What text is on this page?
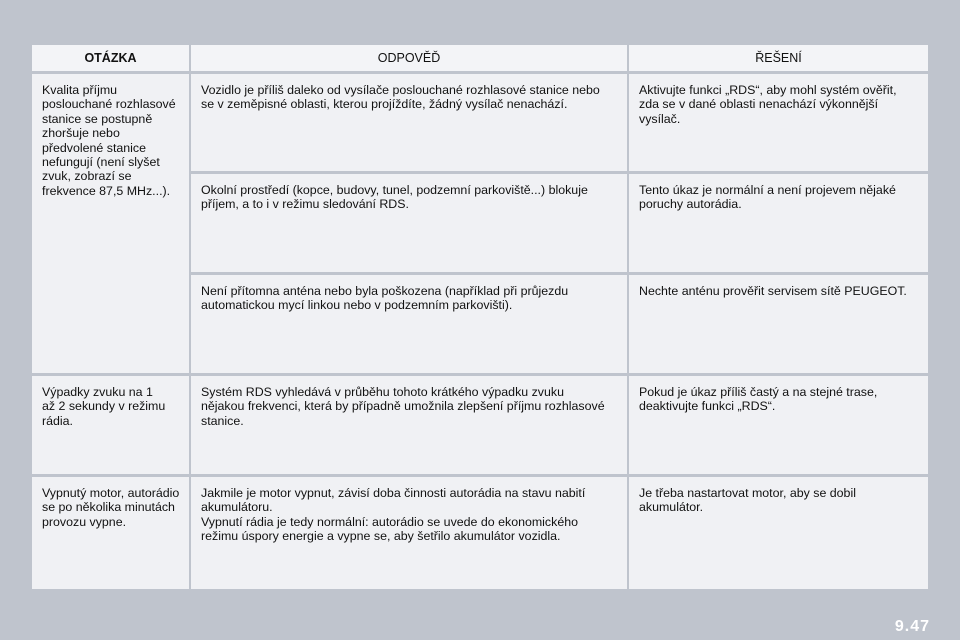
OTÁZKA	ODPOVĚĎ	ŘEŠENÍ
Kvalita příjmu
poslouchané rozhlasové
stanice se postupně
zhoršuje nebo
předvolené stanice
nefungují (není slyšet
zvuk, zobrazí se
frekvence 87,5 MHz...).
Vozidlo je příliš daleko od vysílače poslouchané rozhlasové stanice nebo
se v zeměpisné oblasti, kterou projíždíte, žádný vysílač nenachází.
Aktivujte funkci „RDS“, aby mohl systém ověřit,
zda se v dané oblasti nenachází výkonnější
vysílač.
Okolní prostředí (kopce, budovy, tunel, podzemní parkoviště...) blokuje
příjem, a to i v režimu sledování RDS.
Tento úkaz je normální a není projevem nějaké
poruchy autorádia.
Není přítomna anténa nebo byla poškozena (například při průjezdu
automatickou mycí linkou nebo v podzemním parkovišti).
Nechte anténu prověřit servisem sítě PEUGEOT.
Výpadky zvuku na 1
až 2 sekundy v režimu
rádia.
Systém RDS vyhledává v průběhu tohoto krátkého výpadku zvuku
nějakou frekvenci, která by případně umožnila zlepšení příjmu rozhlasové
stanice.
Pokud je úkaz příliš častý a na stejné trase,
deaktivujte funkci „RDS“.
Vypnutý motor, autorádio
se po několika minutách
provozu vypne.
Jakmile je motor vypnut, závisí doba činnosti autorádia na stavu nabití
akumulátoru.
Vypnutí rádia je tedy normální: autorádio se uvede do ekonomického
režimu úspory energie a vypne se, aby šetřilo akumulátor vozidla.
Je třeba nastartovat motor, aby se dobil
akumulátor.
9.47
